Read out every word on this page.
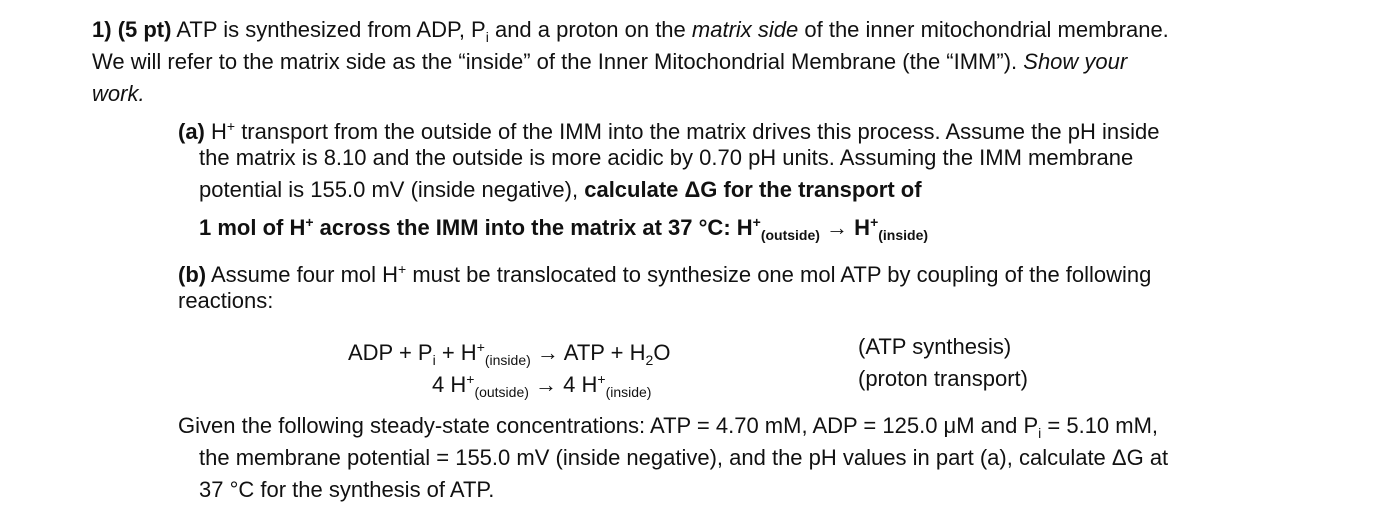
1) (5 pt) ATP is synthesized from ADP, $P_i$ and a proton on the matrix side of the inner mitochondrial membrane.
We will refer to the matrix side as the “inside” of the Inner Mitochondrial Membrane (the “IMM”). Show your
work.
(a) H+ transport from the outside of the IMM into the matrix drives this process. Assume the pH inside
the matrix is 8.10 and the outside is more acidic by 0.70 pH units. Assuming the IMM membrane
potential is 155.0 mV (inside negative), calculate ΔG for the transport of
1 mol of H+ across the IMM into the matrix at 37 °C: $H^+_{(outside)} \to H^+_{(inside)}$
(b) Assume four mol H+ must be translocated to synthesize one mol ATP by coupling of the following
reactions:
ADP + $P_i + H^+_{(inside)}$ → ATP + $H_2O$	(ATP synthesis)
4 $H^+_{(outside)} \to 4$ $H^+_{(inside)}$
(proton transport)
Given the following steady-state concentrations: ATP = 4.70 mM, ADP = 125.0 μM and $P_i = 5.10$ mM,
the membrane potential = 155.0 mV (inside negative), and the pH values in part (a), calculate ΔG at
37 °C for the synthesis of ATP.
